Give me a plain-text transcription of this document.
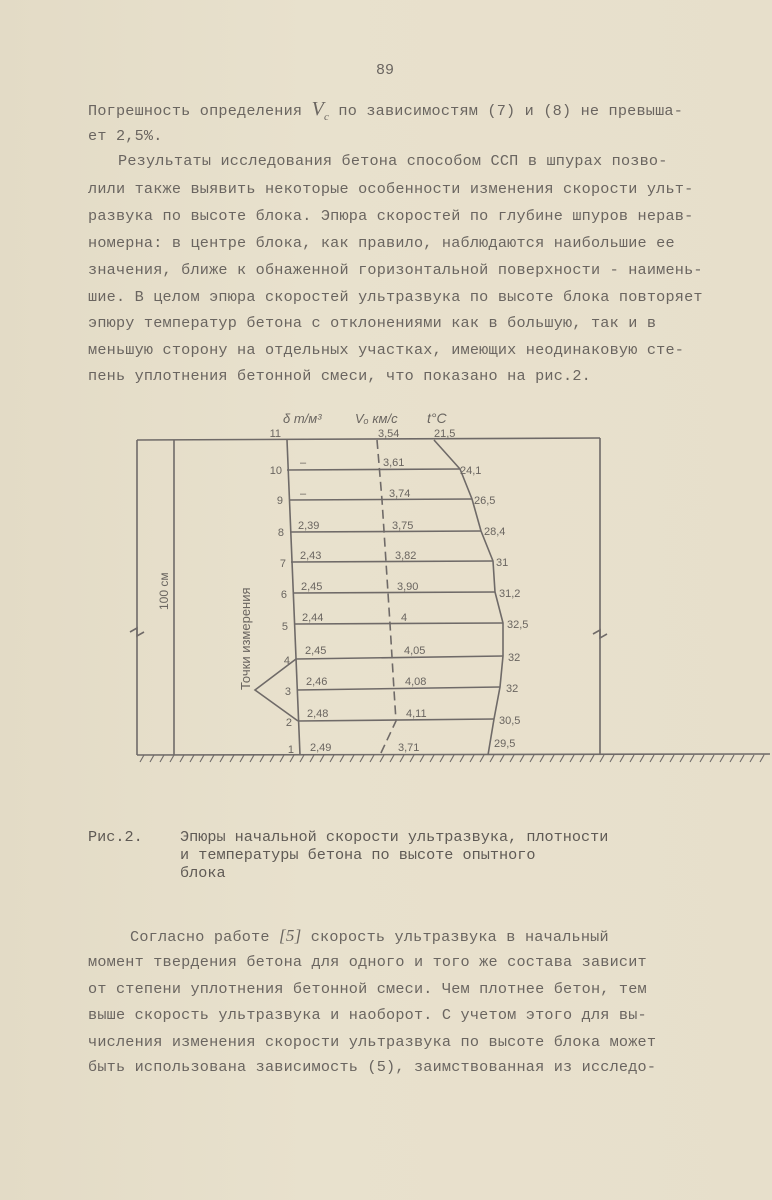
89
Погрешность определения $V_c$ по зависимостям (7) и (8) не превыша-
ет 2,5%.
Результаты исследования бетона способом ССП в шпурах позво-
лили также выявить некоторые особенности изменения скорости ульт-
развука по высоте блока. Эпюра скоростей по глубине шпуров нерав-
номерна: в центре блока, как правило, наблюдаются наибольшие ее
значения, ближе к обнаженной горизонтальной поверхности - наимень-
шие. В целом эпюра скоростей ультразвука по высоте блока повторяет
эпюру температур бетона с отклонениями как в большую, так и в
меньшую сторону на отдельных участках, имеющих неодинаковую сте-
пень уплотнения бетонной смеси, что показано на рис.2.
δ т/м³	Vₒ км/с t°C
100 см	Точки измерения
11
10
9
8
7
6
5
4
3
2
1
–
–
2,39
2,43
2,45
2,44
2,45
2,46
2,48
2,49
3,54
3,61
3,74
3,75
3,82
3,90
4
4,05
4,08
4,11
3,71
21,5
24,1
26,5
28,4
31
31,2
32,5
32
32
30,5
29,5
Рис.2. Эпюры начальной скорости ультразвука, плотности
и температуры бетона по высоте опытного
блока
Согласно работе [5] скорость ультразвука в начальный
момент твердения бетона для одного и того же состава зависит
от степени уплотнения бетонной смеси. Чем плотнее бетон, тем
выше скорость ультразвука и наоборот. С учетом этого для вы-
числения изменения скорости ультразвука по высоте блока может
быть использована зависимость (5), заимствованная из исследо-
